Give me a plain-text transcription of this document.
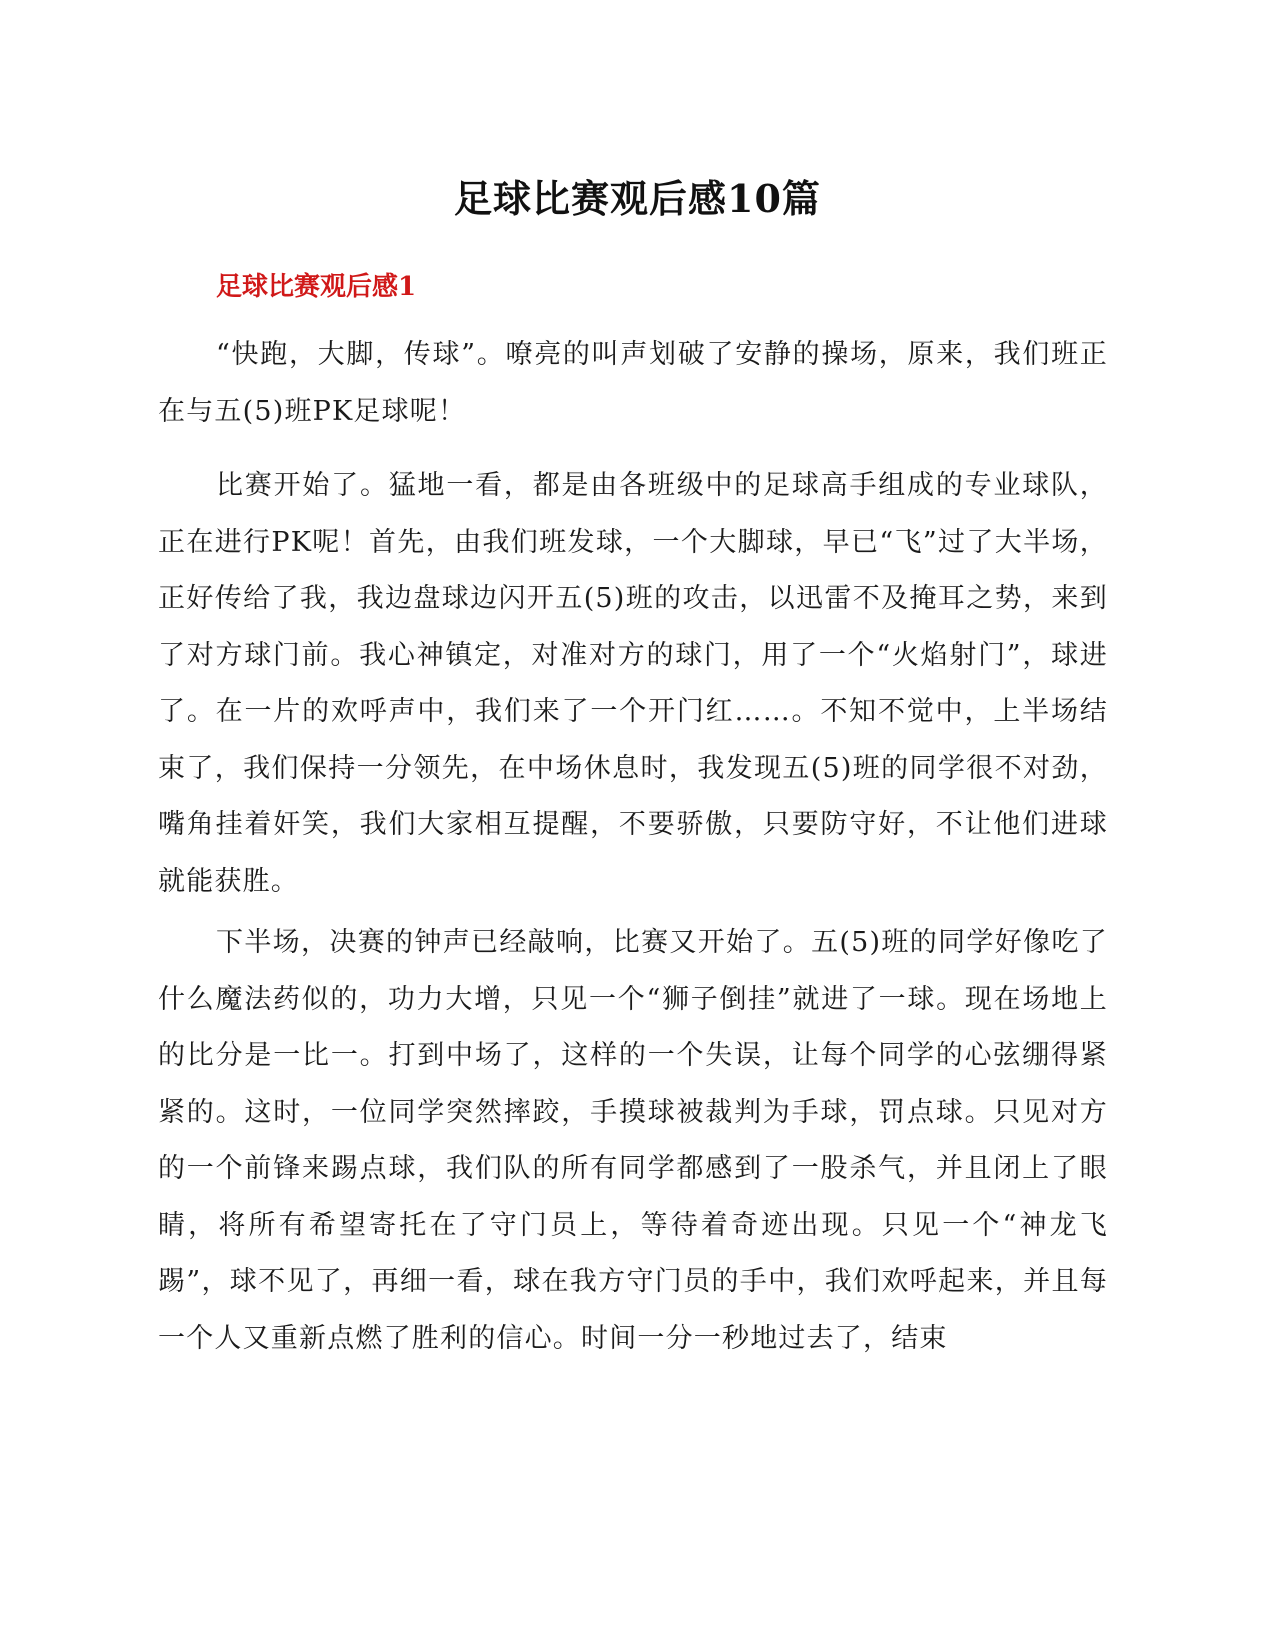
足球比赛观后感10篇
足球比赛观后感1

“快跑，大脚，传球”。嘹亮的叫声划破了安静的操场，原来，我们班正在与五(5)班PK足球呢！

比赛开始了。猛地一看，都是由各班级中的足球高手组成的专业球队，正在进行PK呢！首先，由我们班发球，一个大脚球，早已“飞”过了大半场，正好传给了我，我边盘球边闪开五(5)班的攻击，以迅雷不及掩耳之势，来到了对方球门前。我心神镇定，对准对方的球门，用了一个“火焰射门”，球进了。在一片的欢呼声中，我们来了一个开门红……。不知不觉中，上半场结束了，我们保持一分领先，在中场休息时，我发现五(5)班的同学很不对劲，嘴角挂着奸笑，我们大家相互提醒，不要骄傲，只要防守好，不让他们进球就能获胜。

下半场，决赛的钟声已经敲响，比赛又开始了。五(5)班的同学好像吃了什么魔法药似的，功力大增，只见一个“狮子倒挂”就进了一球。现在场地上的比分是一比一。打到中场了，这样的一个失误，让每个同学的心弦绷得紧紧的。这时，一位同学突然摔跤，手摸球被裁判为手球，罚点球。只见对方的一个前锋来踢点球，我们队的所有同学都感到了一股杀气，并且闭上了眼睛，将所有希望寄托在了守门员上，等待着奇迹出现。只见一个“神龙飞踢”，球不见了，再细一看，球在我方守门员的手中，我们欢呼起来，并且每一个人又重新点燃了胜利的信心。时间一分一秒地过去了，结束
